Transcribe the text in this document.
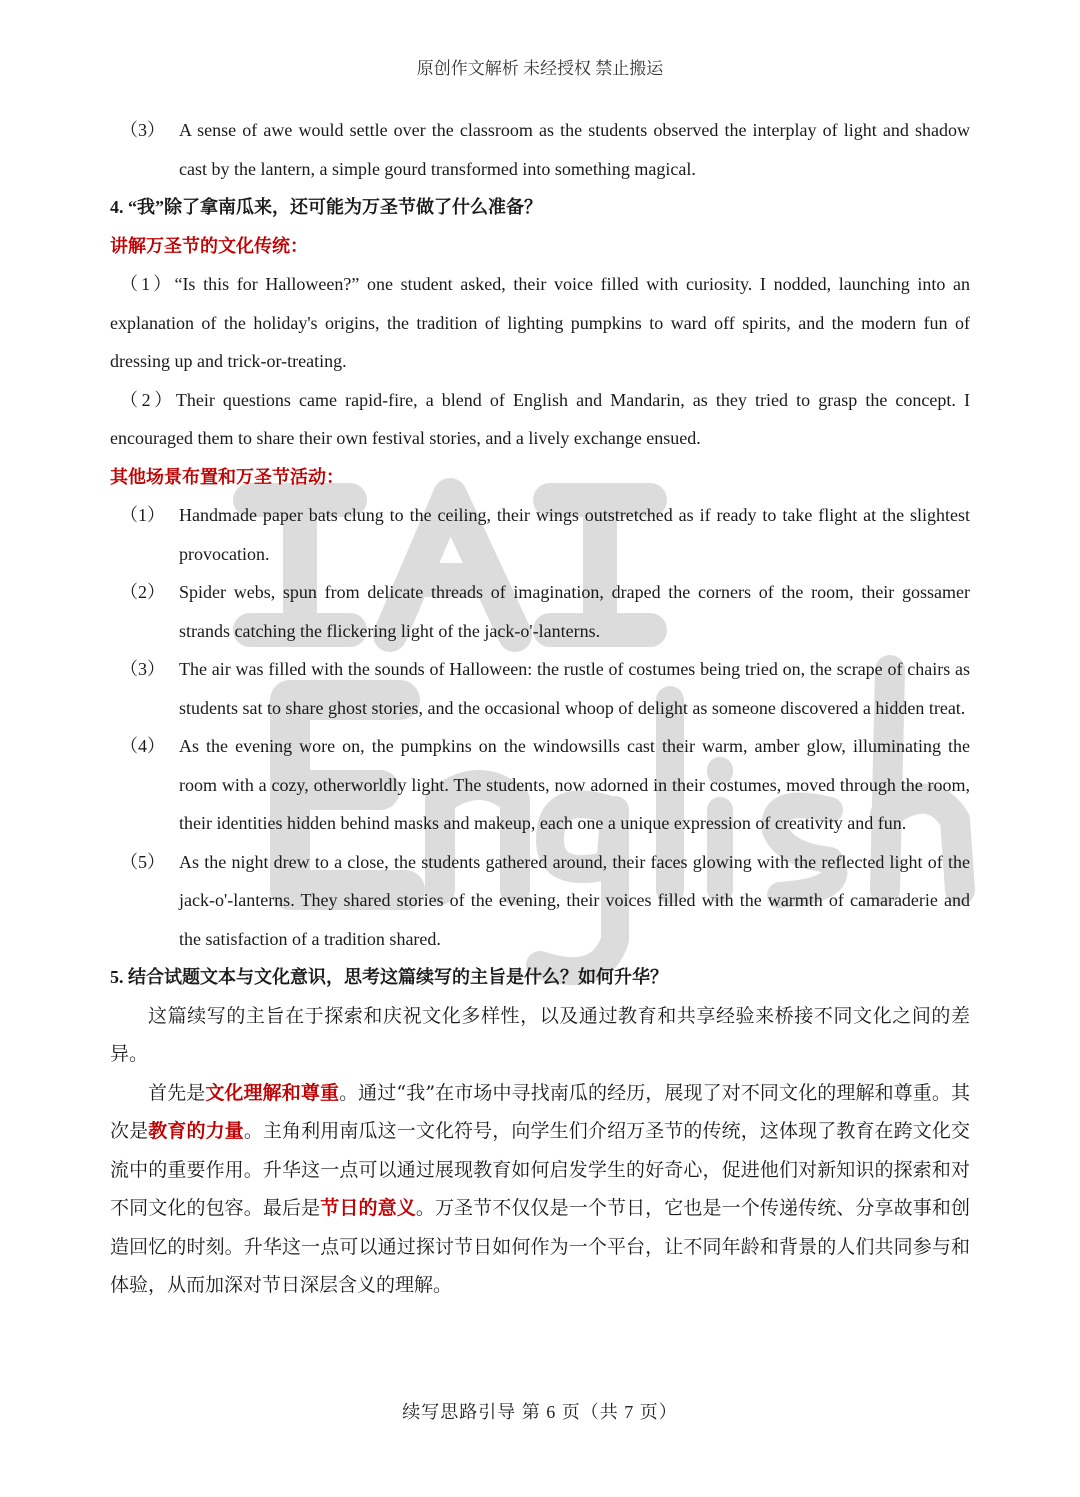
原创作文解析 未经授权 禁止搬运
（3） A sense of awe would settle over the classroom as the students observed the interplay of light and shadow cast by the lantern, a simple gourd transformed into something magical.
4. “我”除了拿南瓜来，还可能为万圣节做了什么准备？
讲解万圣节的文化传统：
（1）“Is this for Halloween?” one student asked, their voice filled with curiosity. I nodded, launching into an explanation of the holiday's origins, the tradition of lighting pumpkins to ward off spirits, and the modern fun of dressing up and trick-or-treating.
（2）Their questions came rapid-fire, a blend of English and Mandarin, as they tried to grasp the concept. I encouraged them to share their own festival stories, and a lively exchange ensued.
其他场景布置和万圣节活动：
（1） Handmade paper bats clung to the ceiling, their wings outstretched as if ready to take flight at the slightest provocation.
（2） Spider webs, spun from delicate threads of imagination, draped the corners of the room, their gossamer strands catching the flickering light of the jack-o'-lanterns.
（3） The air was filled with the sounds of Halloween: the rustle of costumes being tried on, the scrape of chairs as students sat to share ghost stories, and the occasional whoop of delight as someone discovered a hidden treat.
（4） As the evening wore on, the pumpkins on the windowsills cast their warm, amber glow, illuminating the room with a cozy, otherworldly light. The students, now adorned in their costumes, moved through the room, their identities hidden behind masks and makeup, each one a unique expression of creativity and fun.
（5） As the night drew to a close, the students gathered around, their faces glowing with the reflected light of the jack-o'-lanterns. They shared stories of the evening, their voices filled with the warmth of camaraderie and the satisfaction of a tradition shared.
5. 结合试题文本与文化意识，思考这篇续写的主旨是什么？如何升华？
这篇续写的主旨在于探索和庆祝文化多样性，以及通过教育和共享经验来桥接不同文化之间的差异。
首先是文化理解和尊重。通过“我”在市场中寻找南瓜的经历，展现了对不同文化的理解和尊重。其次是教育的力量。主角利用南瓜这一文化符号，向学生们介绍万圣节的传统，这体现了教育在跨文化交流中的重要作用。升华这一点可以通过展现教育如何启发学生的好奇心，促进他们对新知识的探索和对不同文化的包容。最后是节日的意义。万圣节不仅仅是一个节日，它也是一个传递传统、分享故事和创造回忆的时刻。升华这一点可以通过探讨节日如何作为一个平台，让不同年龄和背景的人们共同参与和体验，从而加深对节日深层含义的理解。
续写思路引导 第 6 页（共 7 页）
